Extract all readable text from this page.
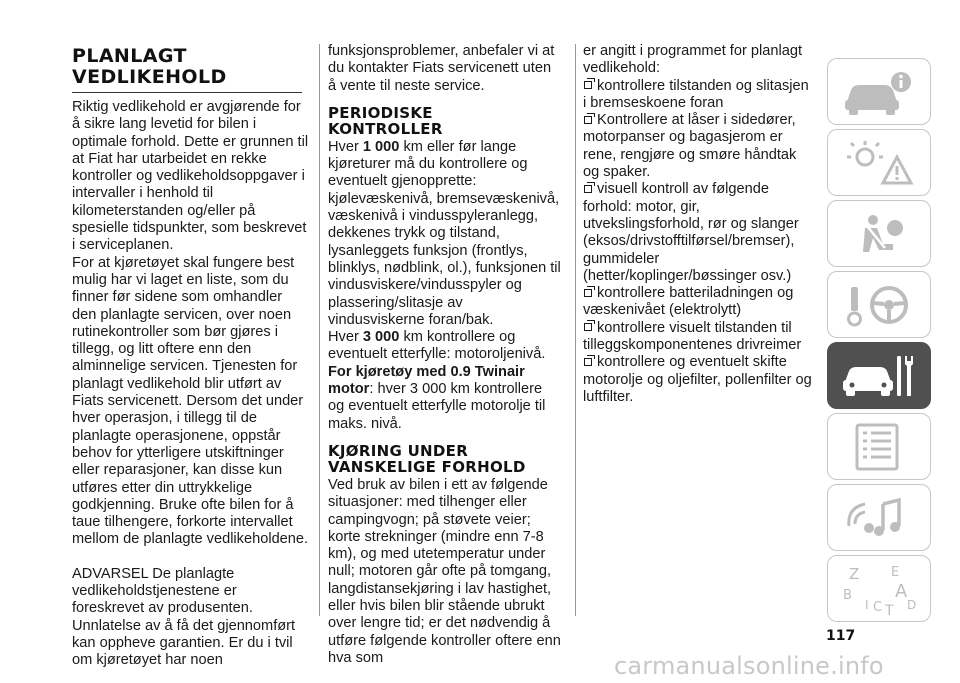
PLANLAGT
VEDLIKEHOLD

Riktig vedlikehold er avgjørende for å sikre lang levetid for bilen i optimale forhold. Dette er grunnen til at Fiat har utarbeidet en rekke kontroller og vedlikeholdsoppgaver i intervaller i henhold til kilometerstanden og/eller på spesielle tidspunkter, som beskrevet i serviceplanen.

For at kjøretøyet skal fungere best mulig har vi laget en liste, som du finner før sidene som omhandler den planlagte servicen, over noen rutinekontroller som bør gjøres i tillegg, og litt oftere enn den alminnelige servicen. Tjenesten for planlagt vedlikehold blir utført av Fiats servicenett. Dersom det under hver operasjon, i tillegg til de planlagte operasjonene, oppstår behov for ytterligere utskiftninger eller reparasjoner, kan disse kun utføres etter din uttrykkelige godkjenning. Bruke ofte bilen for å taue tilhengere, forkorte intervallet mellom de planlagte vedlikeholdene.

ADVARSEL De planlagte vedlikeholdstjenestene er foreskrevet av produsenten. Unnlatelse av å få det gjennomført kan oppheve garantien. Er du i tvil om kjøretøyet har noen

funksjonsproblemer, anbefaler vi at du kontakter Fiats servicenett uten å vente til neste service.

PERIODISKE
KONTROLLER

Hver 1 000 km eller før lange kjøreturer må du kontrollere og eventuelt gjenopprette: kjølevæskenivå, bremsevæskenivå, væskenivå i vindusspyleranlegg, dekkenes trykk og tilstand, lysanleggets funksjon (frontlys, blinklys, nødblink, ol.), funksjonen til vindusviskere/vindusspyler og plassering/slitasje av vindusviskerne foran/bak.

Hver 3 000 km kontrollere og eventuelt etterfylle: motoroljenivå.

For kjøretøy med 0.9 Twinair motor: hver 3 000 km kontrollere og eventuelt etterfylle motorolje til maks. nivå.

KJØRING UNDER
VANSKELIGE FORHOLD

Ved bruk av bilen i ett av følgende situasjoner: med tilhenger eller campingvogn; på støvete veier; korte strekninger (mindre enn 7-8 km), og med utetemperatur under null; motoren går ofte på tomgang, langdistansekjøring i lav hastighet, eller hvis bilen blir stående ubrukt over lengre tid; er det nødvendig å utføre følgende kontroller oftere enn hva som

er angitt i programmet for planlagt vedlikehold:

kontrollere tilstanden og slitasjen i bremseskoene foran
Kontrollere at låser i sidedører, motorpanser og bagasjerom er rene, rengjøre og smøre håndtak og spaker.
visuell kontroll av følgende forhold: motor, gir, utvekslingsforhold, rør og slanger (eksos/drivstofftilførsel/bremser), gummideler (hetter/koplinger/bøssinger osv.)
kontrollere batteriladningen og væskenivået (elektrolytt)
kontrollere visuelt tilstanden til tilleggskomponentenes drivreimer
kontrollere og eventuelt skifte motorolje og oljefilter, pollenfilter og luftfilter.
Z E
B A
I C T D
117
carmanualsonline.info
